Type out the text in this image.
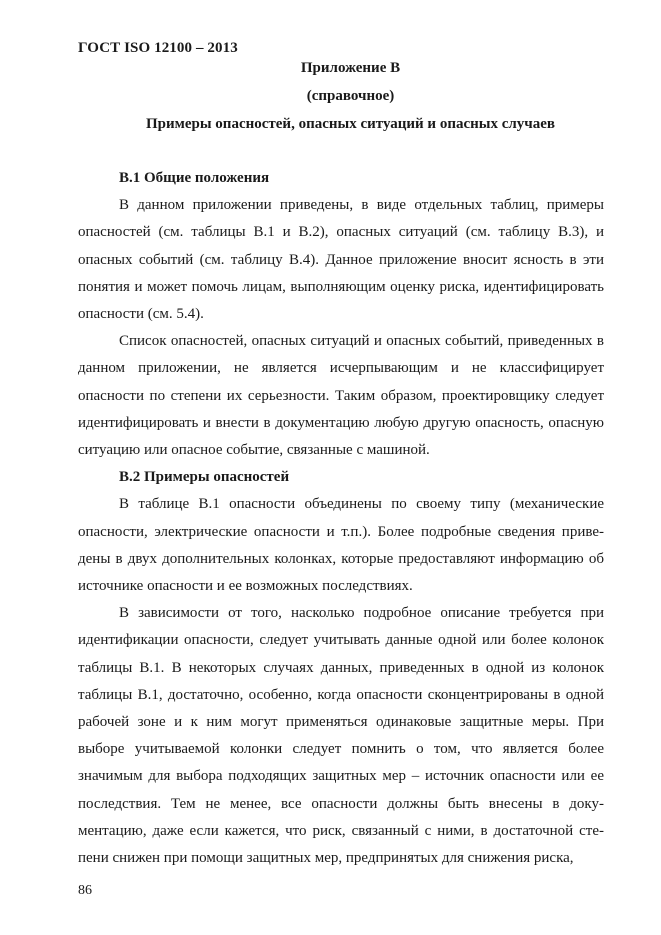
ГОСТ ISO 12100 – 2013
Приложение В
(справочное)
Примеры опасностей, опасных ситуаций и опасных случаев

В.1 Общие положения

В данном приложении приведены, в виде отдельных таблиц, примеры опасностей (см. таблицы В.1 и В.2), опасных ситуаций (см. таблицу В.3), и опасных событий (см. таблицу В.4). Данное приложение вносит ясность в эти понятия и может помочь лицам, выполняющим оценку риска, идентифицировать опасности (см. 5.4).

Список опасностей, опасных ситуаций и опасных событий, приведенных в данном приложении, не является исчерпывающим и не классифицирует опасности по степени их серьезности. Таким образом, проектировщику следует идентифицировать и внести в документацию любую другую опасность, опасную ситуацию или опасное событие, связанные с машиной.

В.2 Примеры опасностей

В таблице В.1 опасности объединены по своему типу (механические опасности, электрические опасности и т.п.). Более подробные сведения приведены в двух дополнительных колонках, которые предоставляют информацию об источнике опасности и ее возможных последствиях.

В зависимости от того, насколько подробное описание требуется при идентификации опасности, следует учитывать данные одной или более колонок таблицы В.1. В некоторых случаях данных, приведенных в одной из колонок таблицы В.1, достаточно, особенно, когда опасности сконцентрированы в одной рабочей зоне и к ним могут применяться одинаковые защитные меры. При выборе учитываемой колонки следует помнить о том, что является более значимым для выбора подходящих защитных мер – источник опасности или ее последствия. Тем не менее, все опасности должны быть внесены в документацию, даже если кажется, что риск, связанный с ними, в достаточной степени снижен при помощи защитных мер, предпринятых для снижения риска,

86
